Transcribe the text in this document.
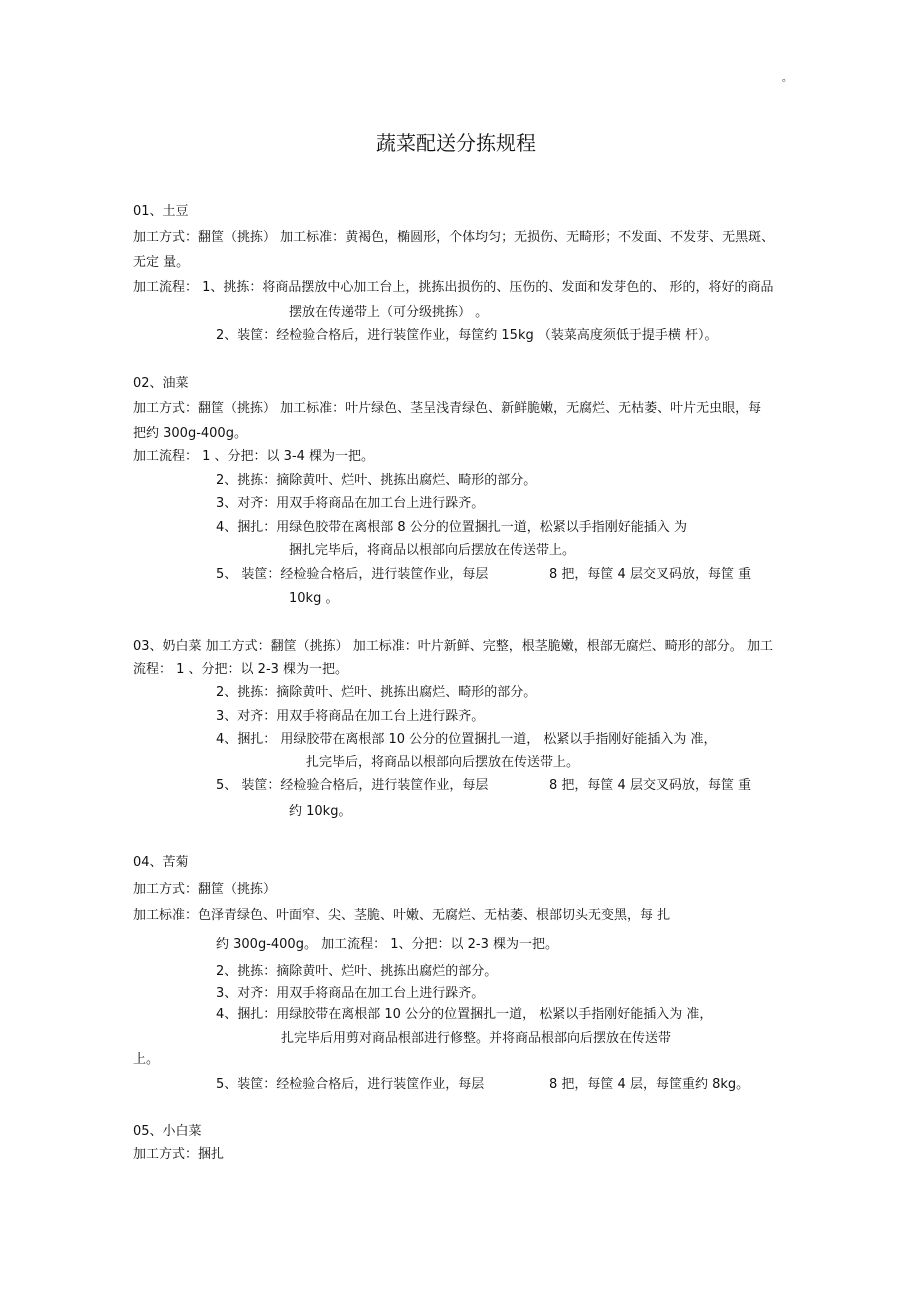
。
蔬菜配送分拣规程
01、土豆
加工方式：翻筐（挑拣） 加工标准：黄褐色，椭圆形，个体均匀；无损伤、无畸形；不发面、不发芽、无黑斑、
无定 量。
加工流程： 1、挑拣：将商品摆放中心加工台上，挑拣出损伤的、压伤的、发面和发芽色的、 形的，将好的商品
摆放在传递带上（可分级挑拣） 。
2、装筐：经检验合格后，进行装筐作业，每筐约 15kg （装菜高度须低于提手横 杆）。
02、油菜
加工方式：翻筐（挑拣） 加工标准：叶片绿色、茎呈浅青绿色、新鲜脆嫩，无腐烂、无枯萎、叶片无虫眼，每
把约 300g-400g。
加工流程： 1 、分把：以 3-4 棵为一把。
2、挑拣：摘除黄叶、烂叶、挑拣出腐烂、畸形的部分。
3、对齐：用双手将商品在加工台上进行跺齐。
4、捆扎：用绿色胶带在离根部 8 公分的位置捆扎一道，松紧以手指刚好能插入 为
捆扎完毕后，将商品以根部向后摆放在传送带上。
5、 装筐：经检验合格后，进行装筐作业，每层	8 把，每筐 4 层交叉码放，每筐 重
10kg 。
03、奶白菜 加工方式：翻筐（挑拣） 加工标准：叶片新鲜、完整，根茎脆嫩，根部无腐烂、畸形的部分。 加工
流程： 1 、分把：以 2-3 棵为一把。
2、挑拣：摘除黄叶、烂叶、挑拣出腐烂、畸形的部分。
3、对齐：用双手将商品在加工台上进行跺齐。
4、捆扎： 用绿胶带在离根部 10 公分的位置捆扎一道， 松紧以手指刚好能插入为 准，
扎完毕后，将商品以根部向后摆放在传送带上。
5、 装筐：经检验合格后，进行装筐作业，每层	8 把，每筐 4 层交叉码放，每筐 重
约 10kg。
04、苦菊
加工方式：翻筐（挑拣）
加工标准：色泽青绿色、叶面窄、尖、茎脆、叶嫩、无腐烂、无枯萎、根部切头无变黑，每 扎
约 300g-400g。 加工流程： 1、分把：以 2-3 棵为一把。
2、挑拣：摘除黄叶、烂叶、挑拣出腐烂的部分。
3、对齐：用双手将商品在加工台上进行跺齐。
4、捆扎：用绿胶带在离根部 10 公分的位置捆扎一道， 松紧以手指刚好能插入为 准，
扎完毕后用剪对商品根部进行修整。并将商品根部向后摆放在传送带
上。
5、装筐：经检验合格后，进行装筐作业，每层	8 把，每筐 4 层，每筐重约 8kg。
05、小白菜
加工方式：捆扎
